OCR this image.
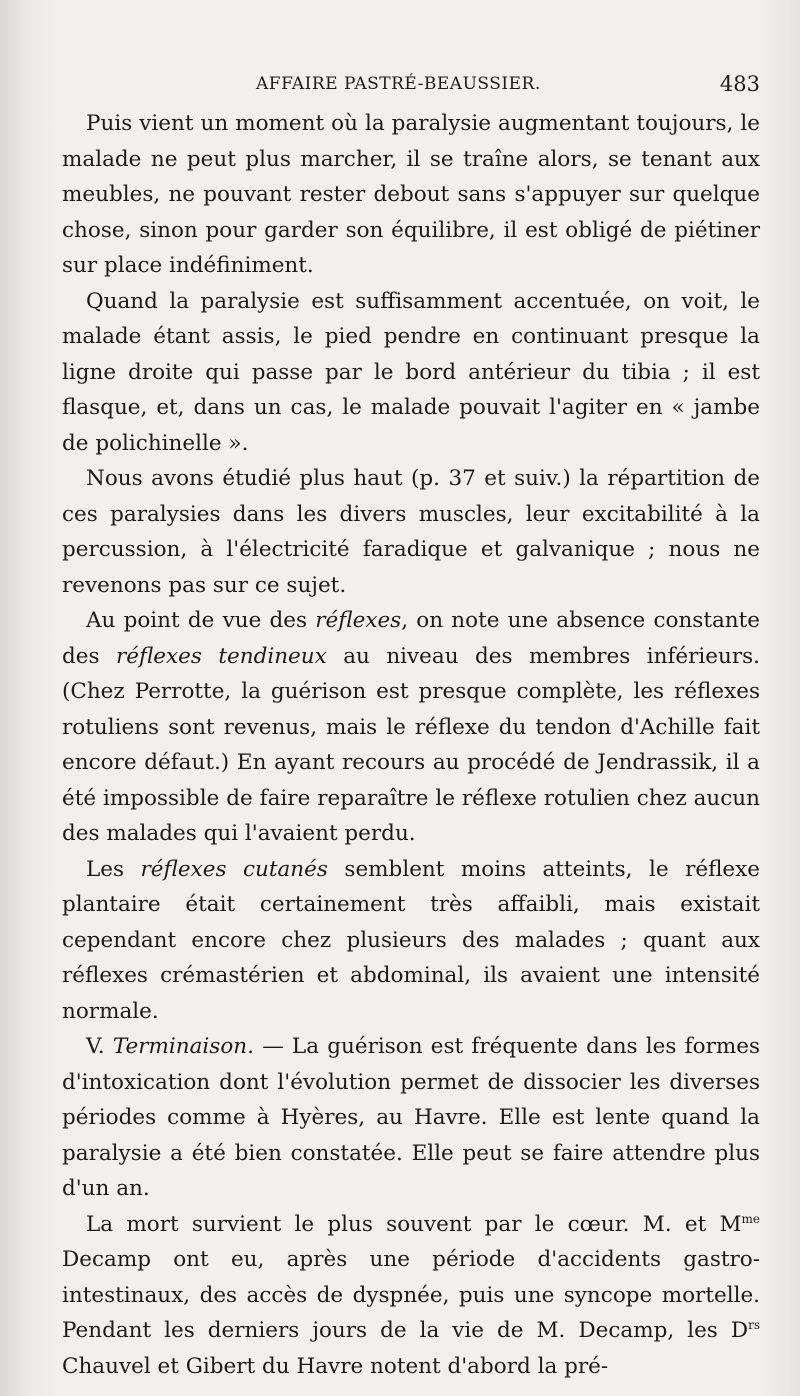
AFFAIRE PASTRÉ-BEAUSSIER.	483

Puis vient un moment où la paralysie augmentant toujours, le malade ne peut plus marcher, il se traîne alors, se tenant aux meubles, ne pouvant rester debout sans s'appuyer sur quelque chose, sinon pour garder son équilibre, il est obligé de piétiner sur place indéfiniment.

Quand la paralysie est suffisamment accentuée, on voit, le malade étant assis, le pied pendre en continuant presque la ligne droite qui passe par le bord antérieur du tibia ; il est flasque, et, dans un cas, le malade pouvait l'agiter en « jambe de polichinelle ».

Nous avons étudié plus haut (p. 37 et suiv.) la répartition de ces paralysies dans les divers muscles, leur excitabilité à la percussion, à l'électricité faradique et galvanique ; nous ne revenons pas sur ce sujet.

Au point de vue des réflexes, on note une absence constante des réflexes tendineux au niveau des membres inférieurs. (Chez Perrotte, la guérison est presque complète, les réflexes rotuliens sont revenus, mais le réflexe du tendon d'Achille fait encore défaut.) En ayant recours au procédé de Jendrassik, il a été impossible de faire reparaître le réflexe rotulien chez aucun des malades qui l'avaient perdu.

Les réflexes cutanés semblent moins atteints, le réflexe plantaire était certainement très affaibli, mais existait cependant encore chez plusieurs des malades ; quant aux réflexes crémastérien et abdominal, ils avaient une intensité normale.

V. Terminaison. — La guérison est fréquente dans les formes d'intoxication dont l'évolution permet de dissocier les diverses périodes comme à Hyères, au Havre. Elle est lente quand la paralysie a été bien constatée. Elle peut se faire attendre plus d'un an.

La mort survient le plus souvent par le cœur. M. et $M^{me}$ Decamp ont eu, après une période d'accidents gastro-intestinaux, des accès de dyspnée, puis une syncope mortelle. Pendant les derniers jours de la vie de M. Decamp, les $D^{rs}$ Chauvel et Gibert du Havre notent d'abord la pré-
